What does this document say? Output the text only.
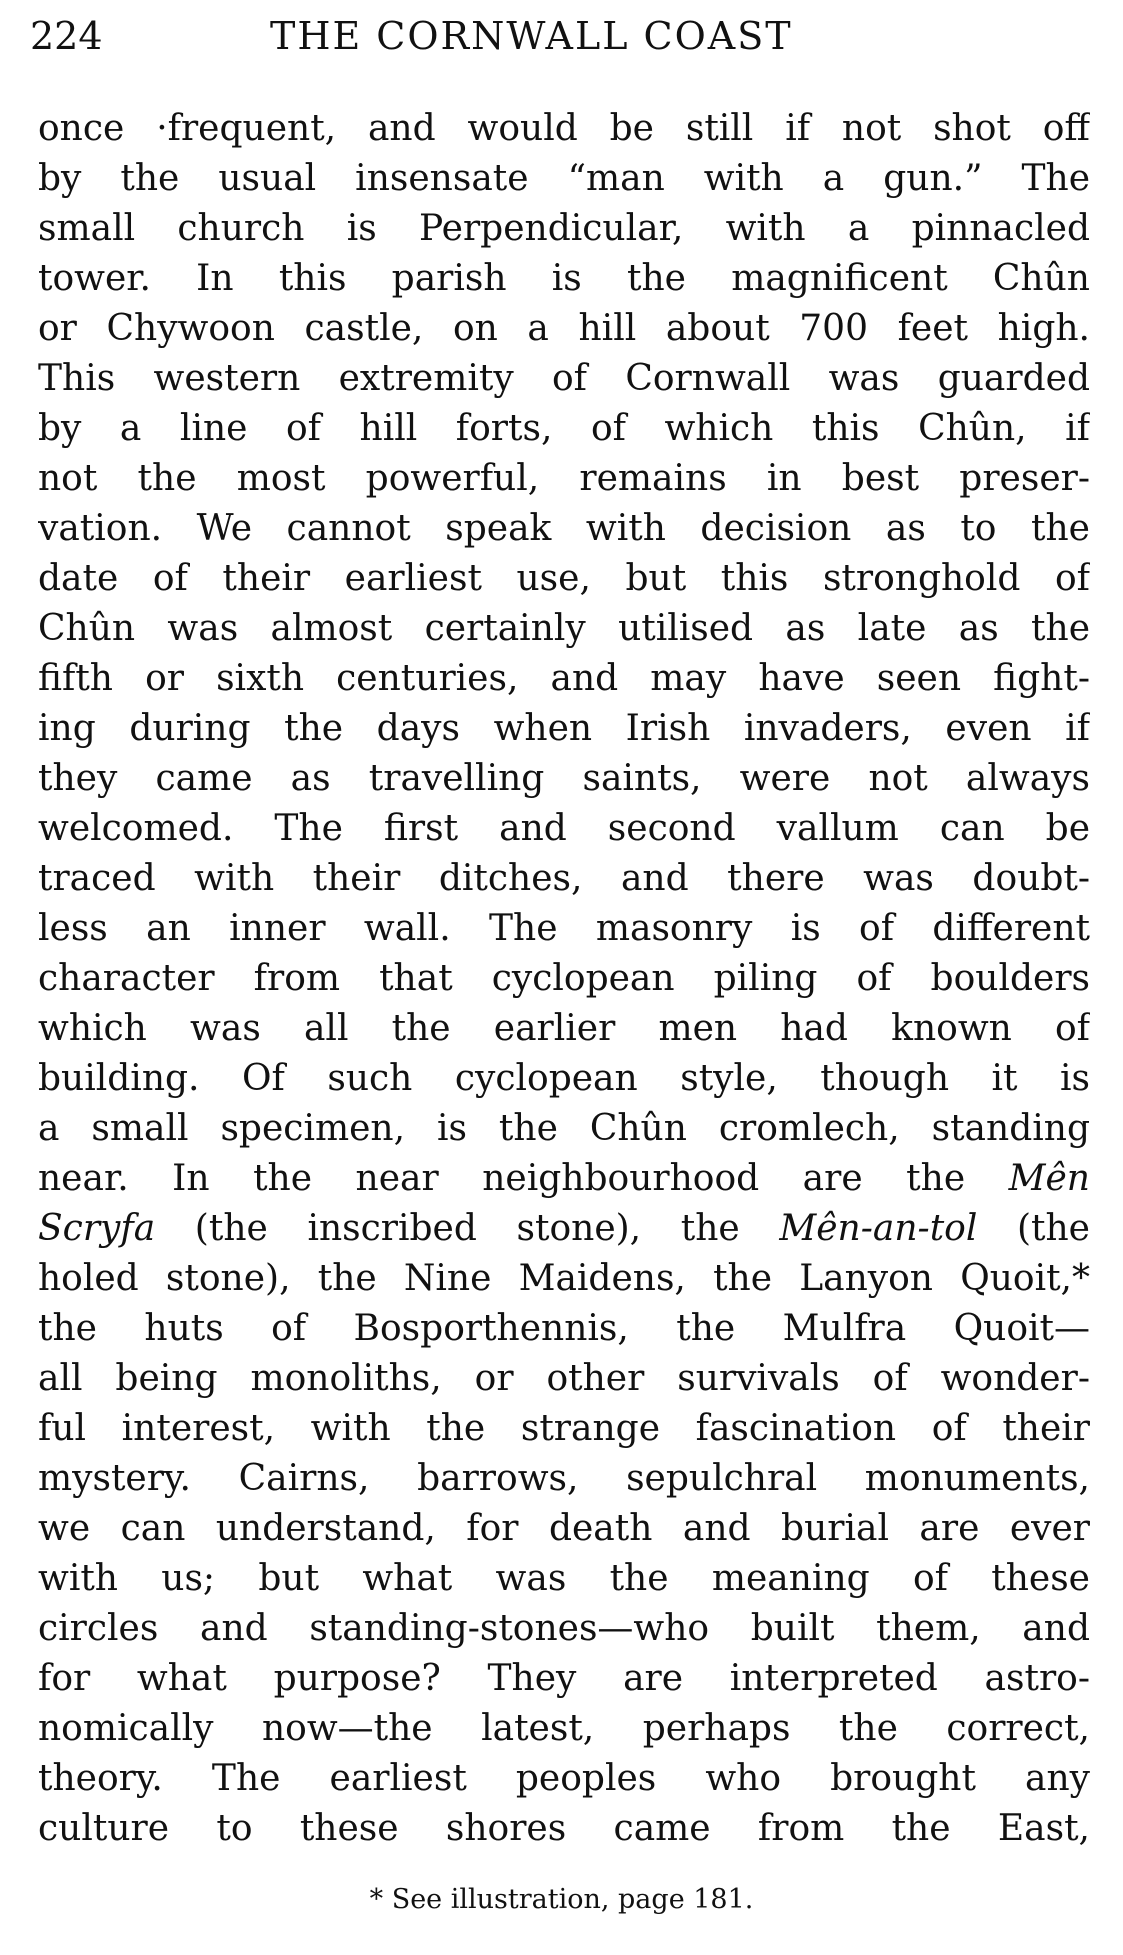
224	THE CORNWALL COAST
once ·frequent, and would be still if not shot off
by the usual insensate “man with a gun.” The
small church is Perpendicular, with a pinnacled
tower. In this parish is the magnificent Chûn
or Chywoon castle, on a hill about 700 feet high.
This western extremity of Cornwall was guarded
by a line of hill forts, of which this Chûn, if
not the most powerful, remains in best preser-
vation. We cannot speak with decision as to the
date of their earliest use, but this stronghold of
Chûn was almost certainly utilised as late as the
fifth or sixth centuries, and may have seen fight-
ing during the days when Irish invaders, even if
they came as travelling saints, were not always
welcomed. The first and second vallum can be
traced with their ditches, and there was doubt-
less an inner wall. The masonry is of different
character from that cyclopean piling of boulders
which was all the earlier men had known of
building. Of such cyclopean style, though it is
a small specimen, is the Chûn cromlech, standing
near. In the near neighbourhood are the Mên
Scryfa (the inscribed stone), the Mên-an-tol (the
holed stone), the Nine Maidens, the Lanyon Quoit,*
the huts of Bosporthennis, the Mulfra Quoit—
all being monoliths, or other survivals of wonder-
ful interest, with the strange fascination of their
mystery. Cairns, barrows, sepulchral monuments,
we can understand, for death and burial are ever
with us; but what was the meaning of these
circles and standing-stones—who built them, and
for what purpose? They are interpreted astro-
nomically now—the latest, perhaps the correct,
theory. The earliest peoples who brought any
culture to these shores came from the East,
* See illustration, page 181.
